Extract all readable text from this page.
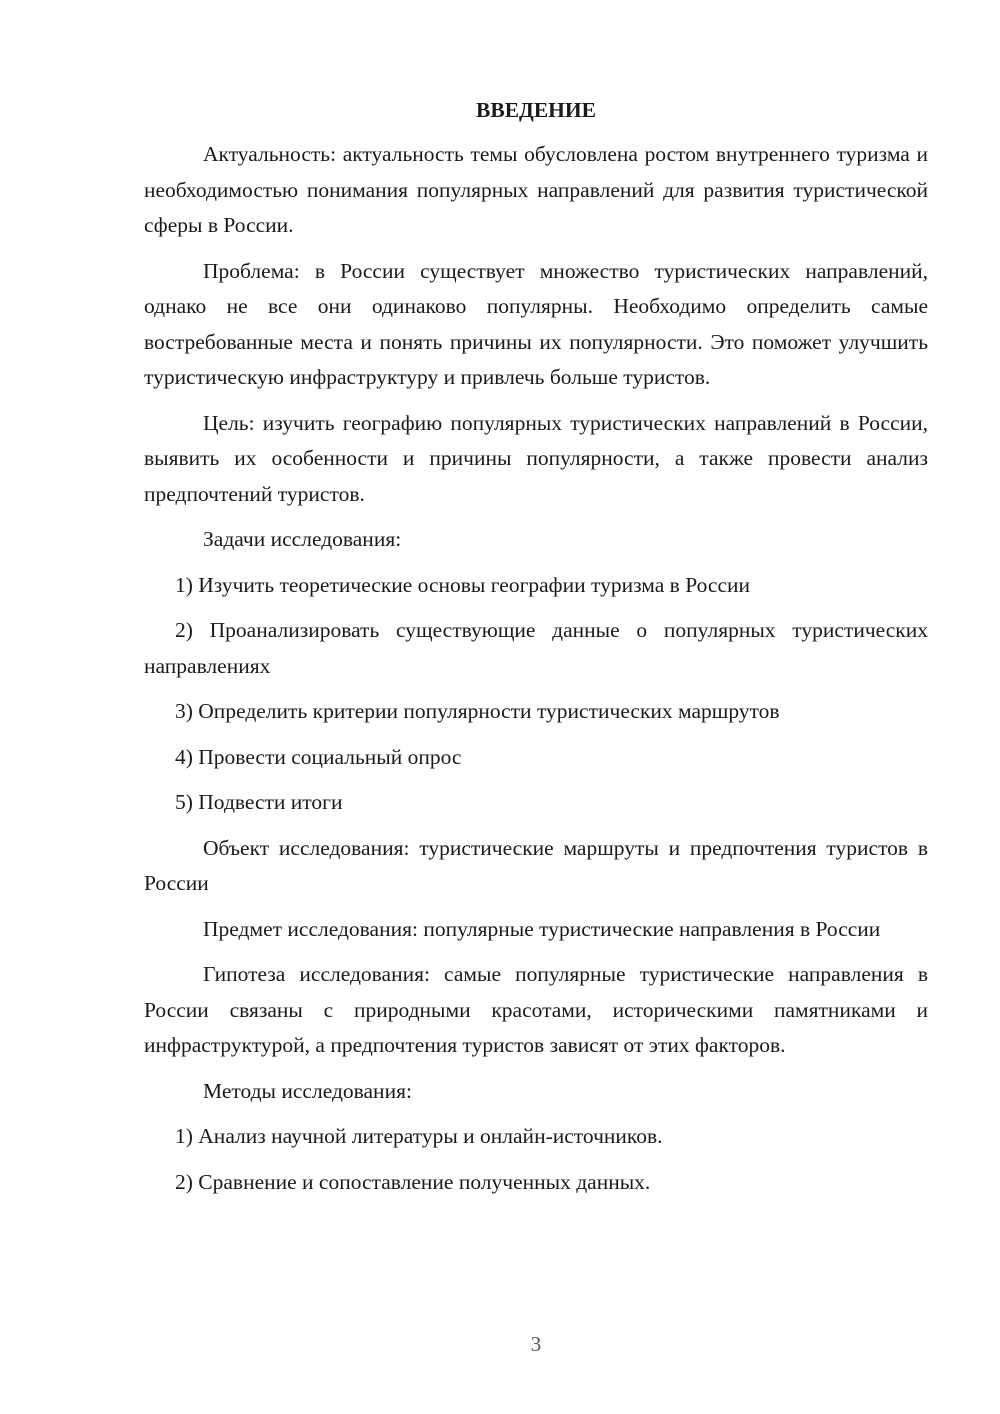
ВВЕДЕНИЕ

Актуальность: актуальность темы обусловлена ростом внутреннего туризма и необходимостью понимания популярных направлений для развития туристической сферы в России.

Проблема: в России существует множество туристических направлений, однако не все они одинаково популярны. Необходимо определить самые востребованные места и понять причины их популярности. Это поможет улучшить туристическую инфраструктуру и привлечь больше туристов.

Цель: изучить географию популярных туристических направлений в России, выявить их особенности и причины популярности, а также провести анализ предпочтений туристов.

Задачи исследования:

1) Изучить теоретические основы географии туризма в России

2) Проанализировать существующие данные о популярных туристических направлениях

3) Определить критерии популярности туристических маршрутов

4) Провести социальный опрос

5) Подвести итоги

Объект исследования: туристические маршруты и предпочтения туристов в России

Предмет исследования: популярные туристические направления в России

Гипотеза исследования: самые популярные туристические направления в России связаны с природными красотами, историческими памятниками и инфраструктурой, а предпочтения туристов зависят от этих факторов.

Методы исследования:

1) Анализ научной литературы и онлайн-источников.

2) Сравнение и сопоставление полученных данных.

3
